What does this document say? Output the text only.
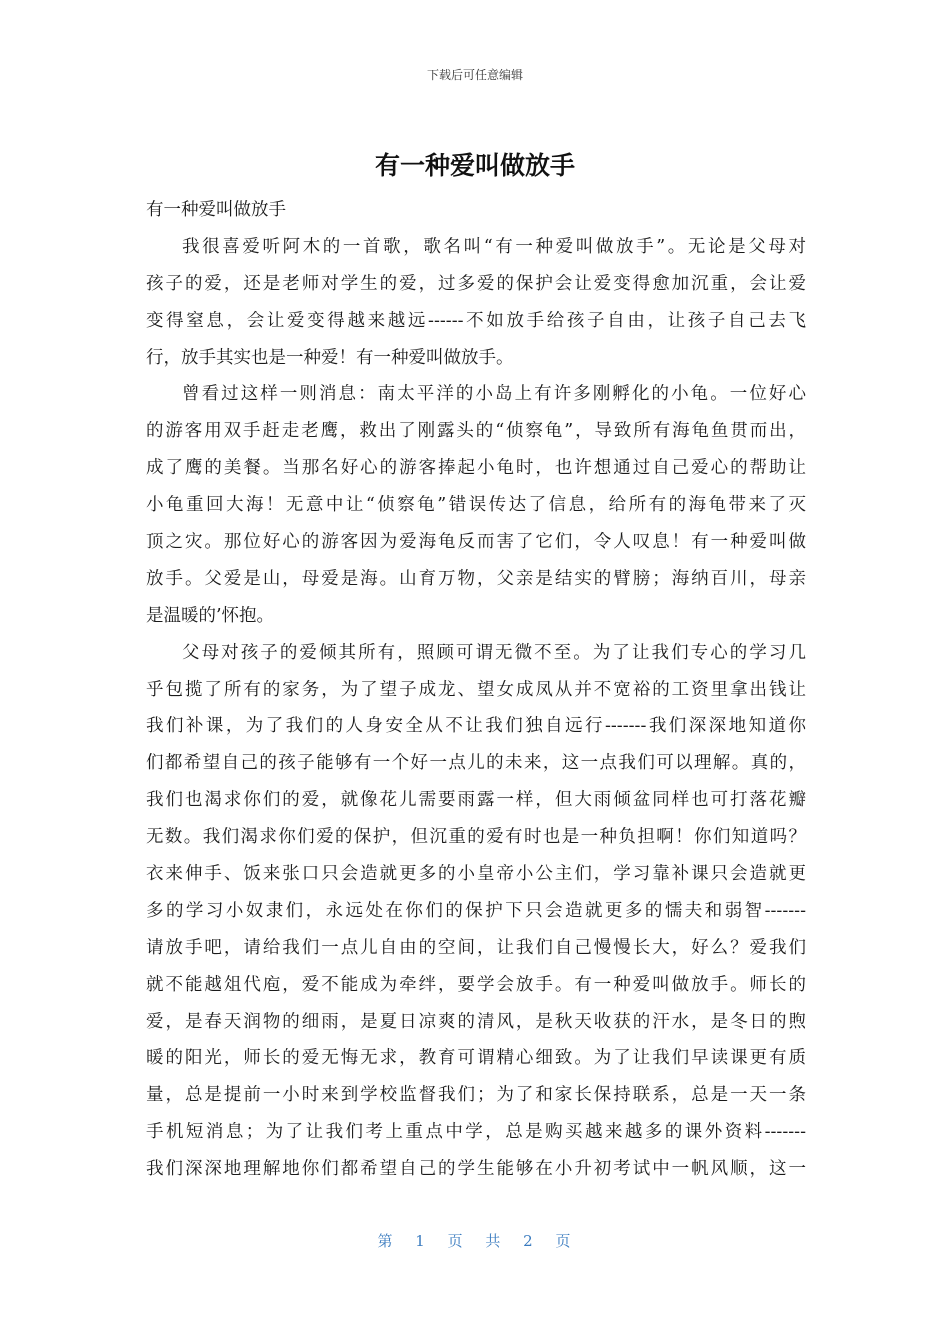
下载后可任意编辑
有一种爱叫做放手
有一种爱叫做放手
我很喜爱听阿木的一首歌，歌名叫“有一种爱叫做放手”。无论是父母对
孩子的爱，还是老师对学生的爱，过多爱的保护会让爱变得愈加沉重，会让爱
变得窒息，会让爱变得越来越远------不如放手给孩子自由，让孩子自己去飞
行，放手其实也是一种爱！有一种爱叫做放手。
曾看过这样一则消息：南太平洋的小岛上有许多刚孵化的小龟。一位好心
的游客用双手赶走老鹰，救出了刚露头的“侦察龟”，导致所有海龟鱼贯而出，
成了鹰的美餐。当那名好心的游客捧起小龟时，也许想通过自己爱心的帮助让
小龟重回大海！无意中让“侦察龟”错误传达了信息，给所有的海龟带来了灭
顶之灾。那位好心的游客因为爱海龟反而害了它们，令人叹息！有一种爱叫做
放手。父爱是山，母爱是海。山育万物，父亲是结实的臂膀；海纳百川，母亲
是温暖的’怀抱。
父母对孩子的爱倾其所有，照顾可谓无微不至。为了让我们专心的学习几
乎包揽了所有的家务，为了望子成龙、望女成凤从并不宽裕的工资里拿出钱让
我们补课，为了我们的人身安全从不让我们独自远行-------我们深深地知道你
们都希望自己的孩子能够有一个好一点儿的未来，这一点我们可以理解。真的，
我们也渴求你们的爱，就像花儿需要雨露一样，但大雨倾盆同样也可打落花瓣
无数。我们渴求你们爱的保护，但沉重的爱有时也是一种负担啊！你们知道吗？
衣来伸手、饭来张口只会造就更多的小皇帝小公主们，学习靠补课只会造就更
多的学习小奴隶们，永远处在你们的保护下只会造就更多的懦夫和弱智-------
请放手吧，请给我们一点儿自由的空间，让我们自己慢慢长大，好么？爱我们
就不能越俎代庖，爱不能成为牵绊，要学会放手。有一种爱叫做放手。师长的
爱，是春天润物的细雨，是夏日凉爽的清风，是秋天收获的汗水，是冬日的煦
暖的阳光，师长的爱无悔无求，教育可谓精心细致。为了让我们早读课更有质
量，总是提前一小时来到学校监督我们；为了和家长保持联系，总是一天一条
手机短消息；为了让我们考上重点中学，总是购买越来越多的课外资料-------
我们深深地理解地你们都希望自己的学生能够在小升初考试中一帆风顺，这一
第 1 页 共 2 页
